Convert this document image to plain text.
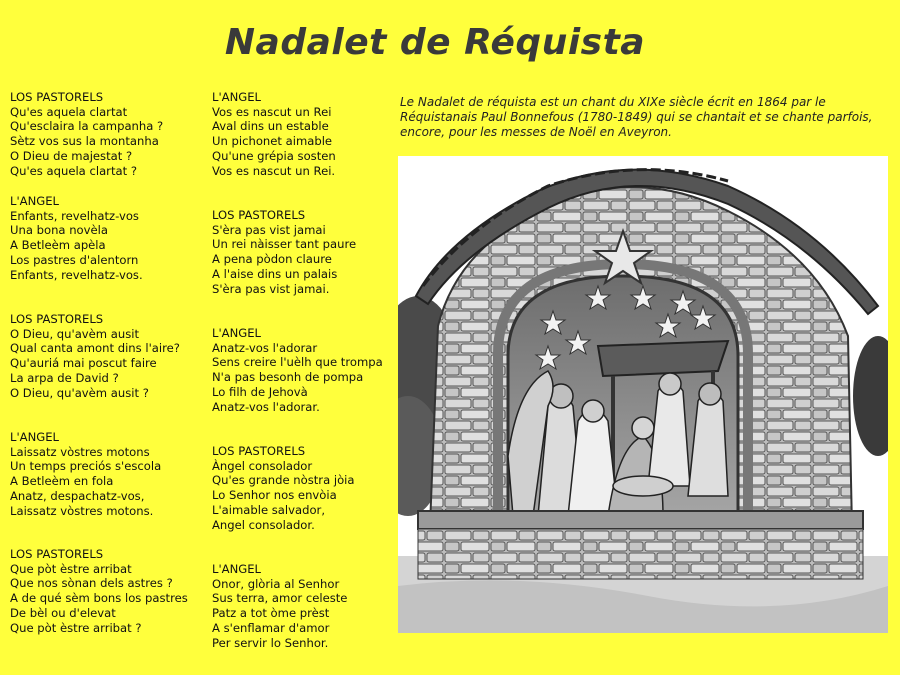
Nadalet de Réquista
LOS PASTORELS
Qu'es aquela clartat
Qu'esclaira la campanha ?
Sètz vos sus la montanha
O Dieu de majestat ?
Qu'es aquela clartat ?
L'ANGEL
Enfants, revelhatz-vos
Una bona novèla
A Betleèm apèla
Los pastres d'alentorn
Enfants, revelhatz-vos.
LOS PASTORELS
O Dieu, qu'avèm ausit
Qual canta amont dins l'aire?
Qu'auriá mai poscut faire
La arpa de David ?
O Dieu, qu'avèm ausit ?
L'ANGEL
Laissatz vòstres motons
Un temps preciós s'escola
A Betleèm en fola
Anatz, despachatz-vos,
Laissatz vòstres motons.
LOS PASTORELS
Que pòt èstre arribat
Que nos sònan dels astres ?
A de qué sèm bons los pastres
De bèl ou d'elevat
Que pòt èstre arribat ?
L'ANGEL
Vos es nascut un Rei
Aval dins un estable
Un pichonet aimable
Qu'une grépia sosten
Vos es nascut un Rei.
LOS PASTORELS
S'èra pas vist jamai
Un rei nàisser tant paure
A pena pòdon claure
A l'aise dins un palais
S'èra pas vist jamai.
L'ANGEL
Anatz-vos l'adorar
Sens creire l'uèlh que trompa
N'a pas besonh de pompa
Lo filh de Jehovà
Anatz-vos l'adorar.
LOS PASTORELS
Àngel consolador
Qu'es grande nòstra jòia
Lo Senhor nos envòia
L'aimable salvador,
Angel consolador.
L'ANGEL
Onor, glòria al Senhor
Sus terra, amor celeste
Patz a tot òme prèst
A s'enflamar d'amor
Per servir lo Senhor.
Le Nadalet de réquista est un chant du XIXe siècle écrit en 1864 par le Réquistanais Paul Bonnefous (1780-1849) qui se chantait et se chante parfois, encore, pour les messes de Noël en Aveyron.
